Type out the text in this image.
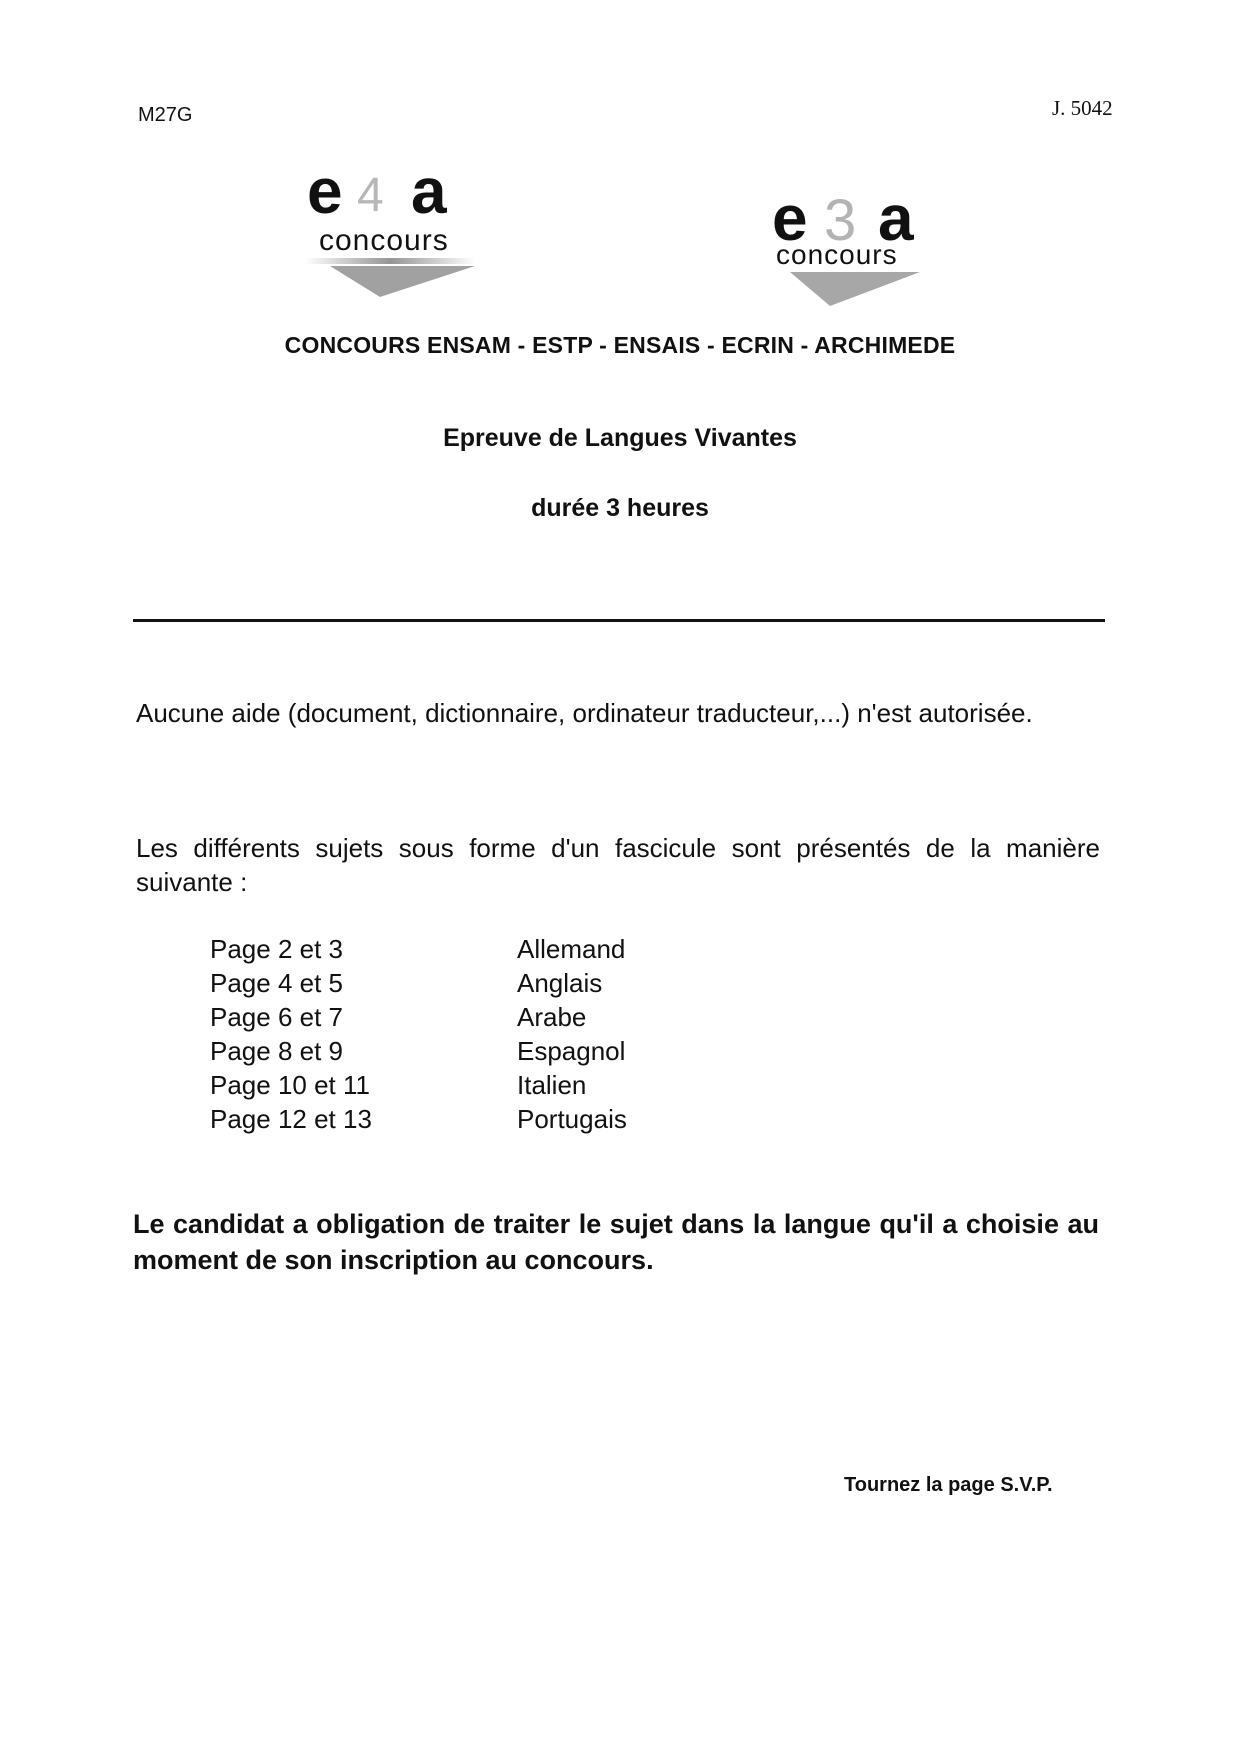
M27G	J. 5042
e 4 a
concours	e 3 a
concours
CONCOURS ENSAM - ESTP - ENSAIS - ECRIN - ARCHIMEDE
Epreuve de Langues Vivantes
durée 3 heures
Aucune aide (document, dictionnaire, ordinateur traducteur,...) n'est autorisée.
Les différents sujets sous forme d'un fascicule sont présentés de la manière suivante :
Page 2 et 3	Allemand
Page 4 et 5	Anglais
Page 6 et 7	Arabe
Page 8 et 9	Espagnol
Page 10 et 11	Italien
Page 12 et 13	Portugais
Le candidat a obligation de traiter le sujet dans la langue qu'il a choisie au moment de son inscription au concours.
Tournez la page S.V.P.
